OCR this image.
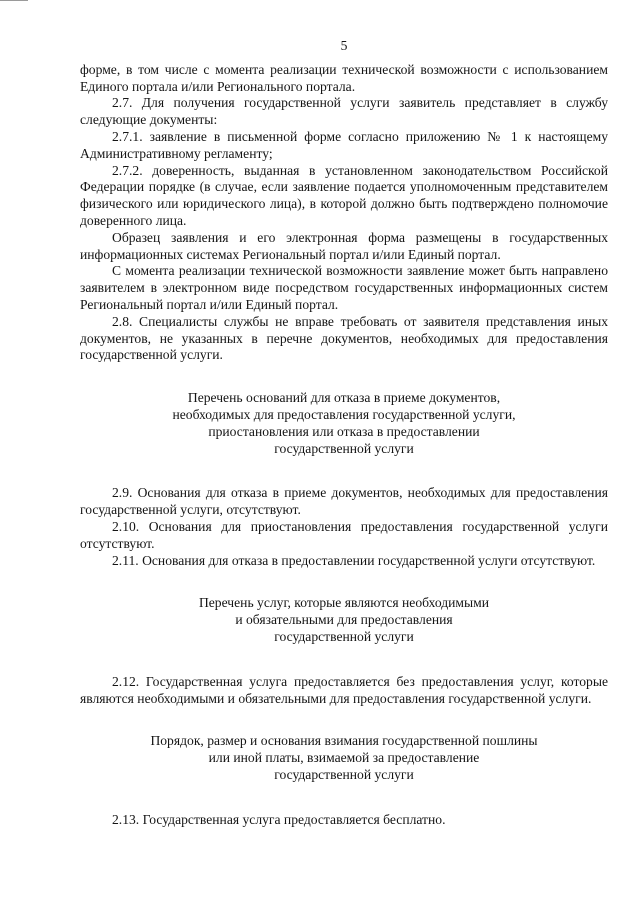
5

форме, в том числе с момента реализации технической возможности с использованием Единого портала и/или Регионального портала.

2.7. Для получения государственной услуги заявитель представляет в службу следующие документы:

2.7.1. заявление в письменной форме согласно приложению № 1 к настоящему Административному регламенту;

2.7.2. доверенность, выданная в установленном законодательством Российской Федерации порядке (в случае, если заявление подается уполномоченным представителем физического или юридического лица), в которой должно быть подтверждено полномочие доверенного лица.

Образец заявления и его электронная форма размещены в государственных информационных системах Региональный портал и/или Единый портал.

С момента реализации технической возможности заявление может быть направлено заявителем в электронном виде посредством государственных информационных систем Региональный портал и/или Единый портал.

2.8. Специалисты службы не вправе требовать от заявителя представления иных документов, не указанных в перечне документов, необходимых для предоставления государственной услуги.

Перечень оснований для отказа в приеме документов,
необходимых для предоставления государственной услуги,
приостановления или отказа в предоставлении
государственной услуги

2.9. Основания для отказа в приеме документов, необходимых для предоставления государственной услуги, отсутствуют.

2.10. Основания для приостановления предоставления государственной услуги отсутствуют.

2.11. Основания для отказа в предоставлении государственной услуги отсутствуют.

Перечень услуг, которые являются необходимыми
и обязательными для предоставления
государственной услуги

2.12. Государственная услуга предоставляется без предоставления услуг, которые являются необходимыми и обязательными для предоставления государственной услуги.

Порядок, размер и основания взимания государственной пошлины
или иной платы, взимаемой за предоставление
государственной услуги

2.13. Государственная услуга предоставляется бесплатно.
